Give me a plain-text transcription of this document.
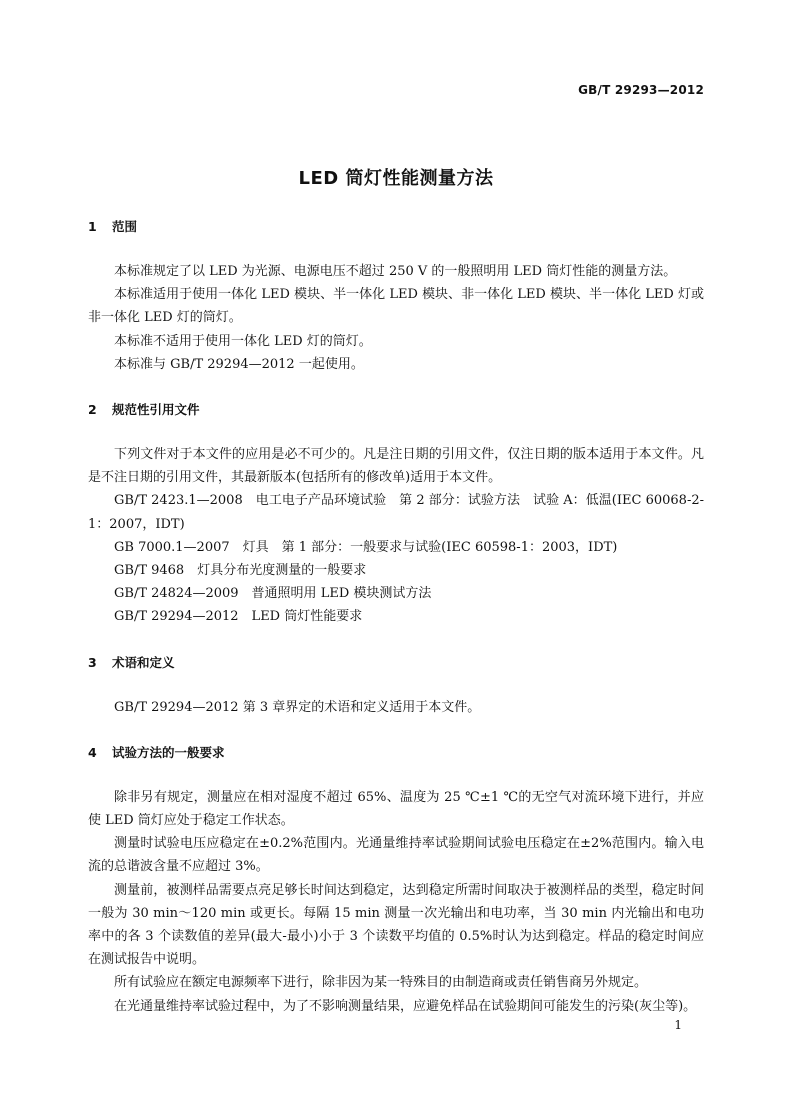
GB/T 29293—2012
LED 筒灯性能测量方法
1 范围

本标准规定了以 LED 为光源、电源电压不超过 250 V 的一般照明用 LED 筒灯性能的测量方法。

本标准适用于使用一体化 LED 模块、半一体化 LED 模块、非一体化 LED 模块、半一体化 LED 灯或非一体化 LED 灯的筒灯。

本标准不适用于使用一体化 LED 灯的筒灯。

本标准与 GB/T 29294—2012 一起使用。

2 规范性引用文件

下列文件对于本文件的应用是必不可少的。凡是注日期的引用文件，仅注日期的版本适用于本文件。凡是不注日期的引用文件，其最新版本(包括所有的修改单)适用于本文件。

GB/T 2423.1—2008　电工电子产品环境试验　第 2 部分：试验方法　试验 A：低温(IEC 60068-2-1：2007，IDT)

GB 7000.1—2007　灯具　第 1 部分：一般要求与试验(IEC 60598-1：2003，IDT)

GB/T 9468　灯具分布光度测量的一般要求

GB/T 24824—2009　普通照明用 LED 模块测试方法

GB/T 29294—2012　LED 筒灯性能要求

3 术语和定义

GB/T 29294—2012 第 3 章界定的术语和定义适用于本文件。

4 试验方法的一般要求

除非另有规定，测量应在相对湿度不超过 65%、温度为 25 ℃±1 ℃的无空气对流环境下进行，并应使 LED 筒灯应处于稳定工作状态。

测量时试验电压应稳定在±0.2%范围内。光通量维持率试验期间试验电压稳定在±2%范围内。输入电流的总谐波含量不应超过 3%。

测量前，被测样品需要点亮足够长时间达到稳定，达到稳定所需时间取决于被测样品的类型，稳定时间一般为 30 min～120 min 或更长。每隔 15 min 测量一次光输出和电功率，当 30 min 内光输出和电功率中的各 3 个读数值的差异(最大-最小)小于 3 个读数平均值的 0.5%时认为达到稳定。样品的稳定时间应在测试报告中说明。

所有试验应在额定电源频率下进行，除非因为某一特殊目的由制造商或责任销售商另外规定。

在光通量维持率试验过程中，为了不影响测量结果，应避免样品在试验期间可能发生的污染(灰尘等)。

1
